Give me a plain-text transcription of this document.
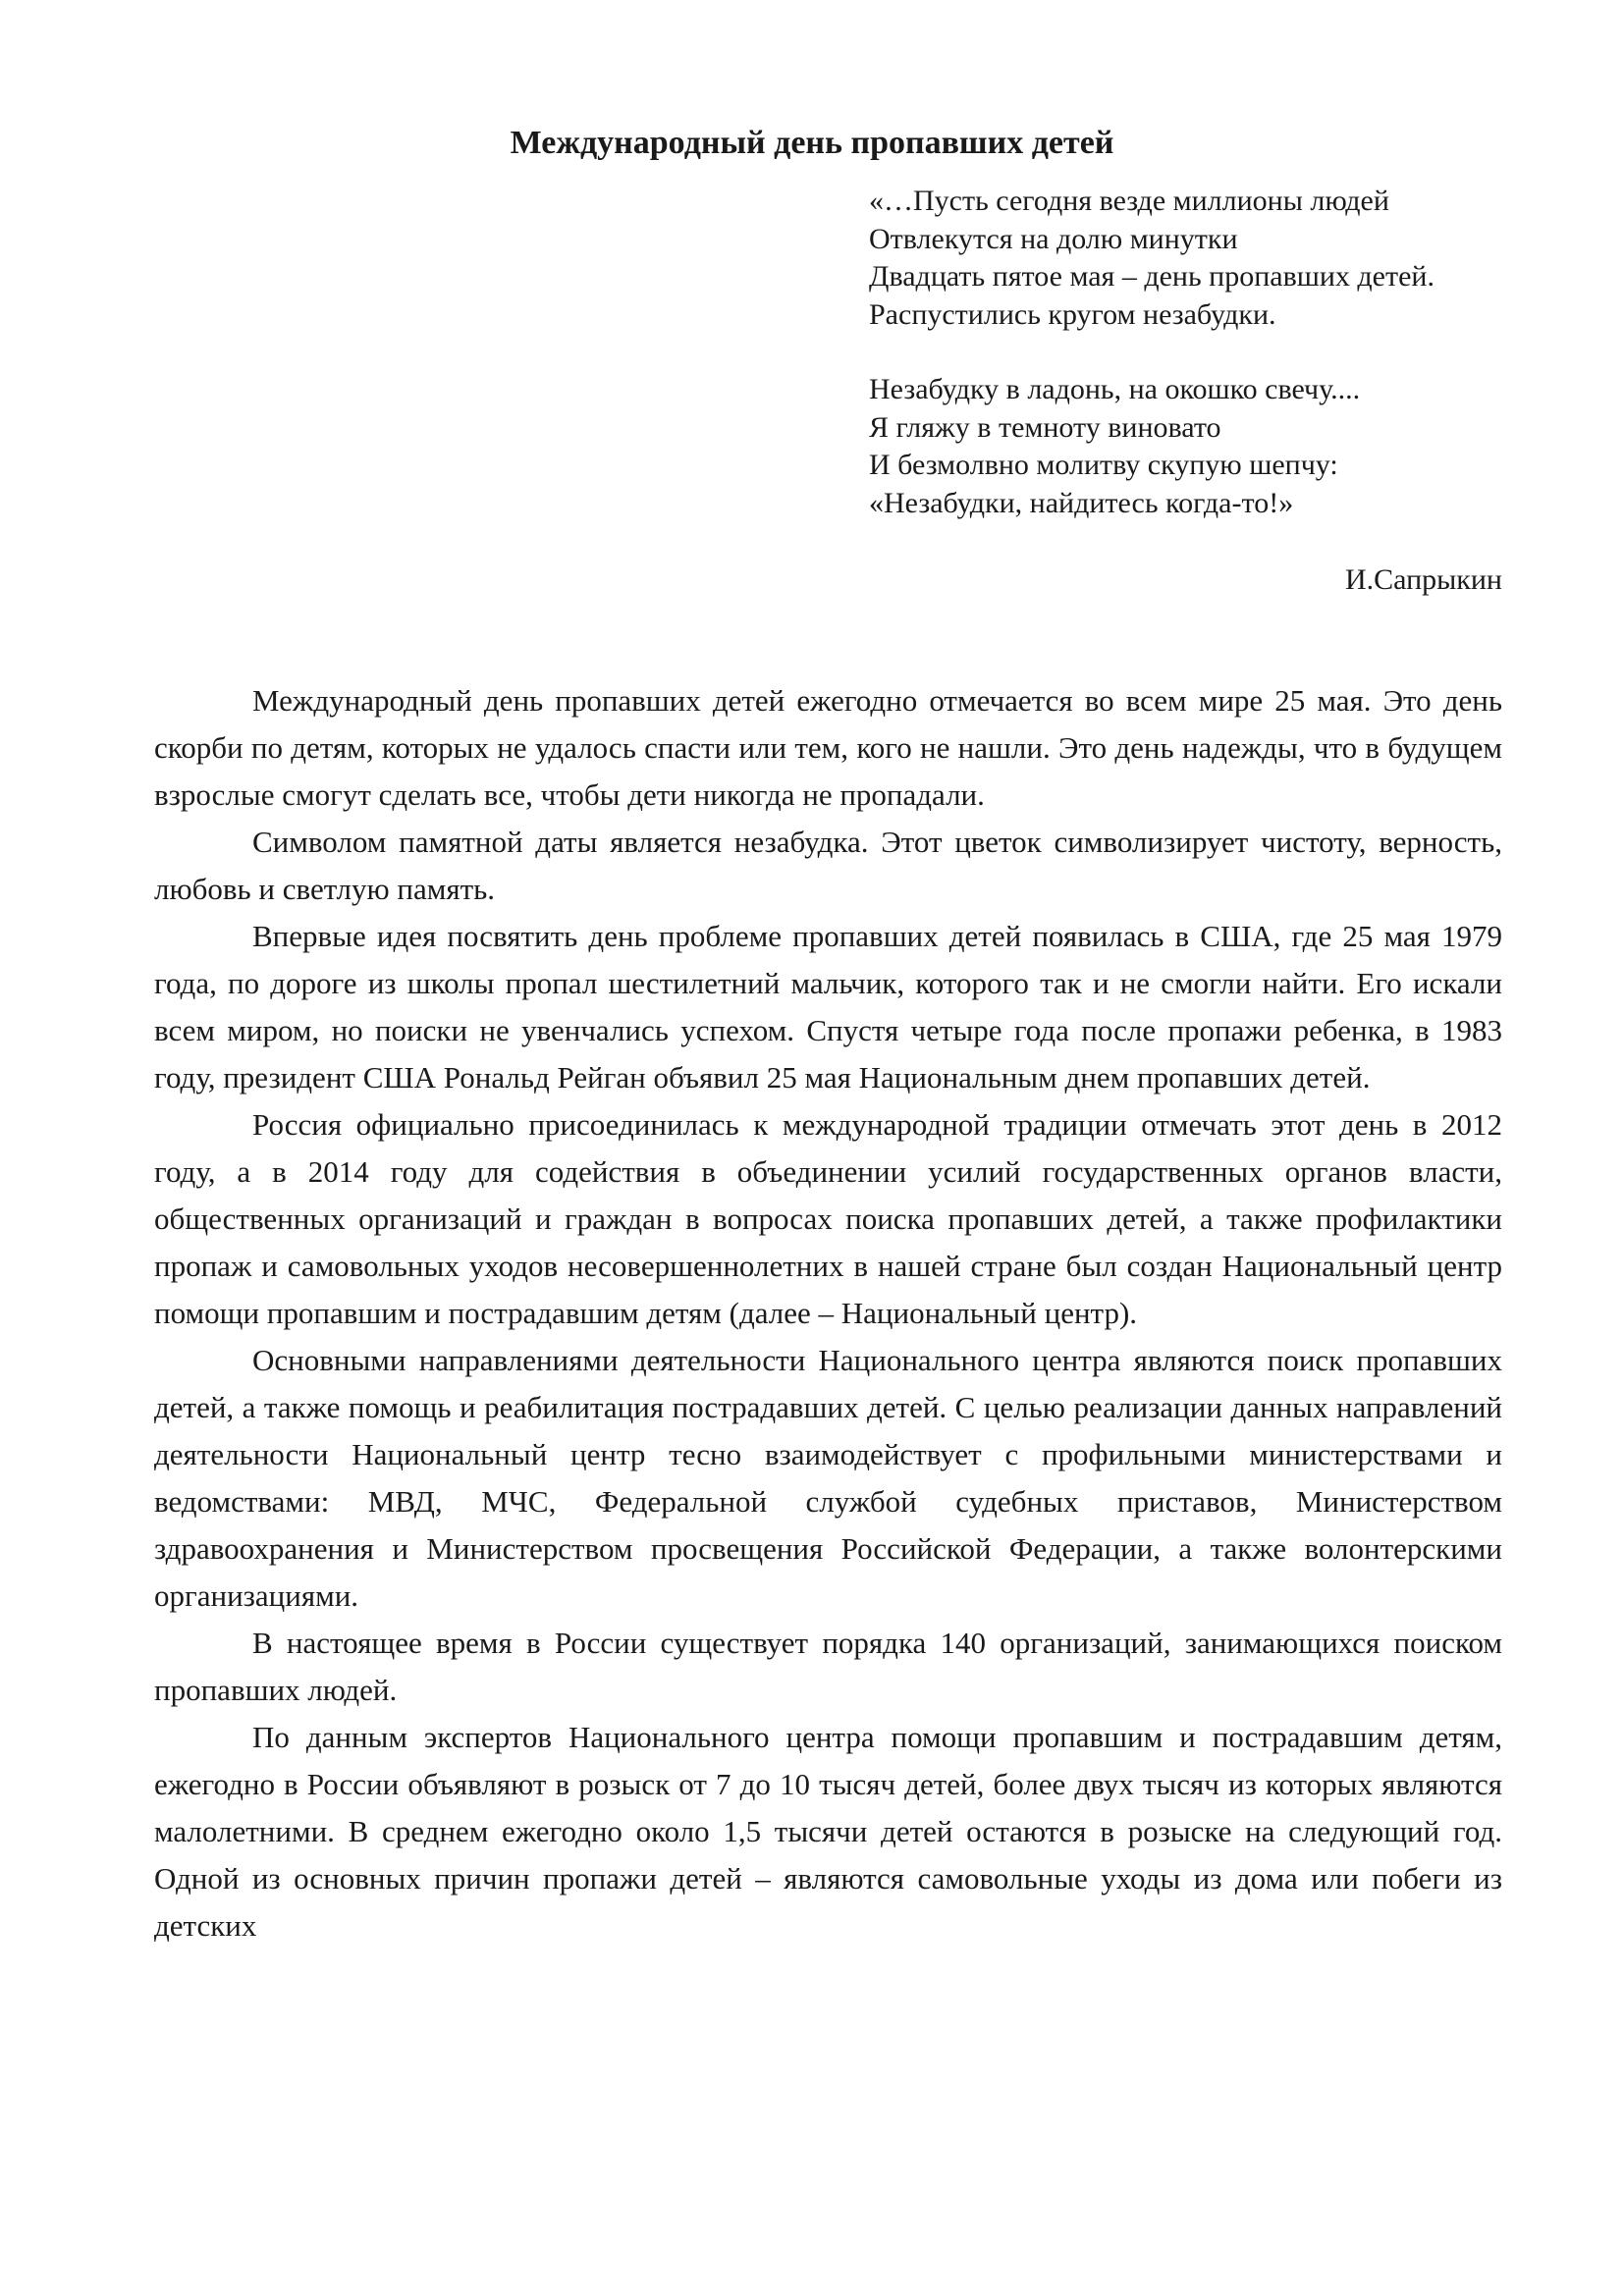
Международный день пропавших детей
«…Пусть сегодня везде миллионы людей
Отвлекутся на долю минутки
Двадцать пятое мая – день пропавших детей.
Распустились кругом незабудки.
Незабудку в ладонь, на окошко свечу....
Я гляжу в темноту виновато
И безмолвно молитву скупую шепчу:
«Незабудки, найдитесь когда-то!»
И.Сапрыкин

Международный день пропавших детей ежегодно отмечается во всем мире 25 мая. Это день скорби по детям, которых не удалось спасти или тем, кого не нашли. Это день надежды, что в будущем взрослые смогут сделать все, чтобы дети никогда не пропадали.

Символом памятной даты является незабудка. Этот цветок символизирует чистоту, верность, любовь и светлую память.

Впервые идея посвятить день проблеме пропавших детей появилась в США, где 25 мая 1979 года, по дороге из школы пропал шестилетний мальчик, которого так и не смогли найти. Его искали всем миром, но поиски не увенчались успехом. Спустя четыре года после пропажи ребенка, в 1983 году, президент США Рональд Рейган объявил 25 мая Национальным днем пропавших детей.

Россия официально присоединилась к международной традиции отмечать этот день в 2012 году, а в 2014 году для содействия в объединении усилий государственных органов власти, общественных организаций и граждан в вопросах поиска пропавших детей, а также профилактики пропаж и самовольных уходов несовершеннолетних в нашей стране был создан Национальный центр помощи пропавшим и пострадавшим детям (далее – Национальный центр).

Основными направлениями деятельности Национального центра являются поиск пропавших детей, а также помощь и реабилитация пострадавших детей. С целью реализации данных направлений деятельности Национальный центр тесно взаимодействует с профильными министерствами и ведомствами: МВД, МЧС, Федеральной службой судебных приставов, Министерством здравоохранения и Министерством просвещения Российской Федерации, а также волонтерскими организациями.

В настоящее время в России существует порядка 140 организаций, занимающихся поиском пропавших людей.

По данным экспертов Национального центра помощи пропавшим и пострадавшим детям, ежегодно в России объявляют в розыск от 7 до 10 тысяч детей, более двух тысяч из которых являются малолетними. В среднем ежегодно около 1,5 тысячи детей остаются в розыске на следующий год. Одной из основных причин пропажи детей – являются самовольные уходы из дома или побеги из детских
